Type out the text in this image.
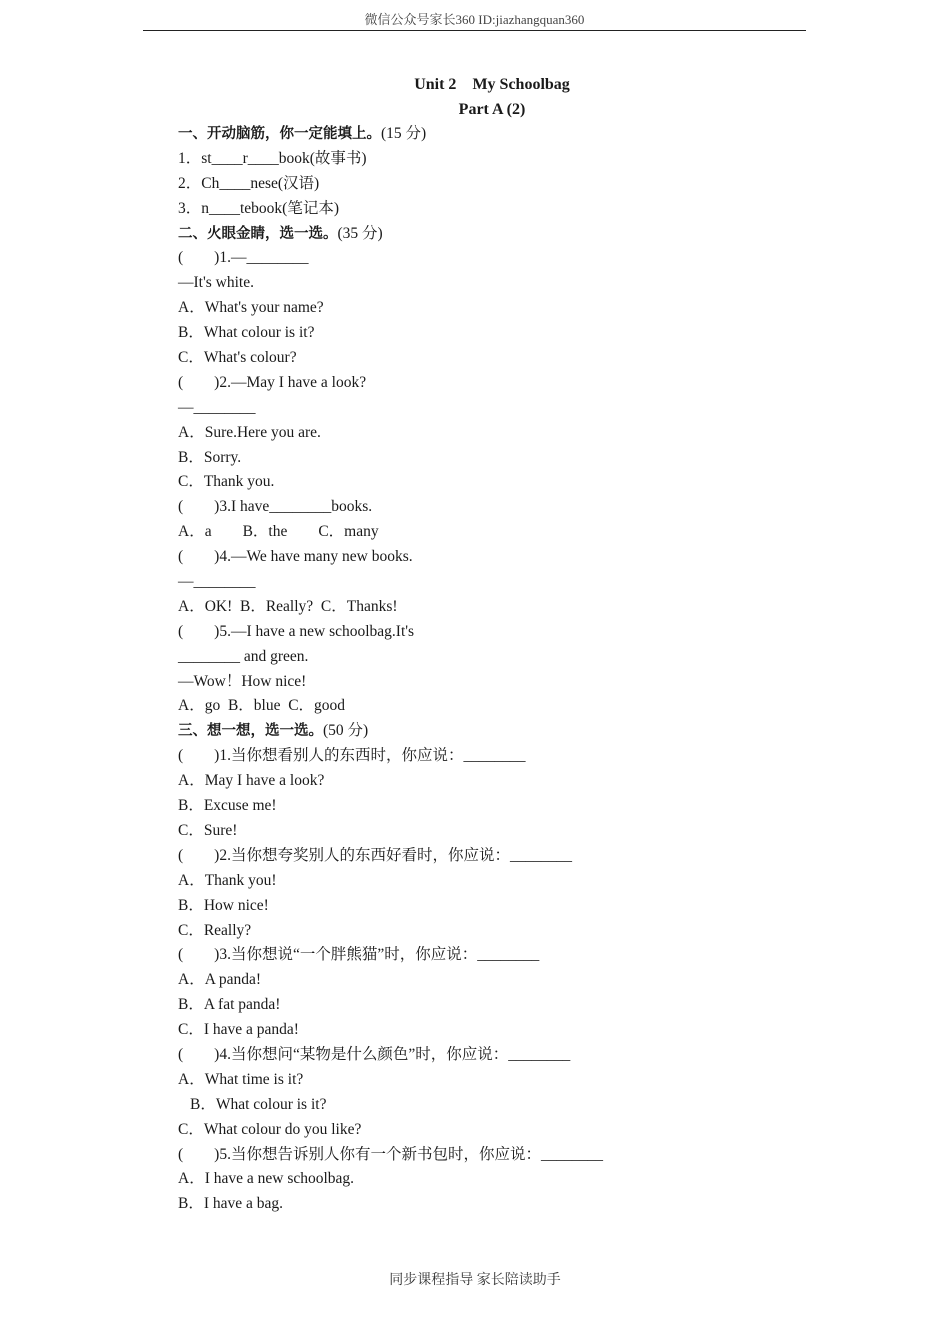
微信公众号家长360 ID:jiazhangquan360
Unit 2 My Schoolbag
Part A (2)
一、开动脑筋，你一定能填上。(15 分)
1．st____r____book(故事书)
2．Ch____nese(汉语)
3．n____tebook(笔记本)
二、火眼金睛，选一选。(35 分)
(　　)1.—________
—It's white.
A．What's your name?
B．What colour is it?
C．What's colour?
(　　)2.—May I have a look?
—________
A．Sure.Here you are.
B．Sorry.
C．Thank you.
(　　)3.I have________books.
A．a　　B．the　　C．many
(　　)4.—We have many new books.
—________
A．OK!  B．Really?  C．Thanks!
(　　)5.—I have a new schoolbag.It's
________ and green.
—Wow！How nice!
A．go  B．blue  C．good
三、想一想，选一选。(50 分)
(　　)1.当你想看别人的东西时，你应说：________
A．May I have a look?
B．Excuse me!
C．Sure!
(　　)2.当你想夸奖别人的东西好看时，你应说：________
A．Thank you!
B．How nice!
C．Really?
(　　)3.当你想说“一个胖熊猫”时，你应说：________
A．A panda!
B．A fat panda!
C．I have a panda!
(　　)4.当你想问“某物是什么颜色”时，你应说：________
A．What time is it?
B．What colour is it?
C．What colour do you like?
(　　)5.当你想告诉别人你有一个新书包时，你应说：________
A．I have a new schoolbag.
B．I have a bag.
同步课程指导 家长陪读助手
